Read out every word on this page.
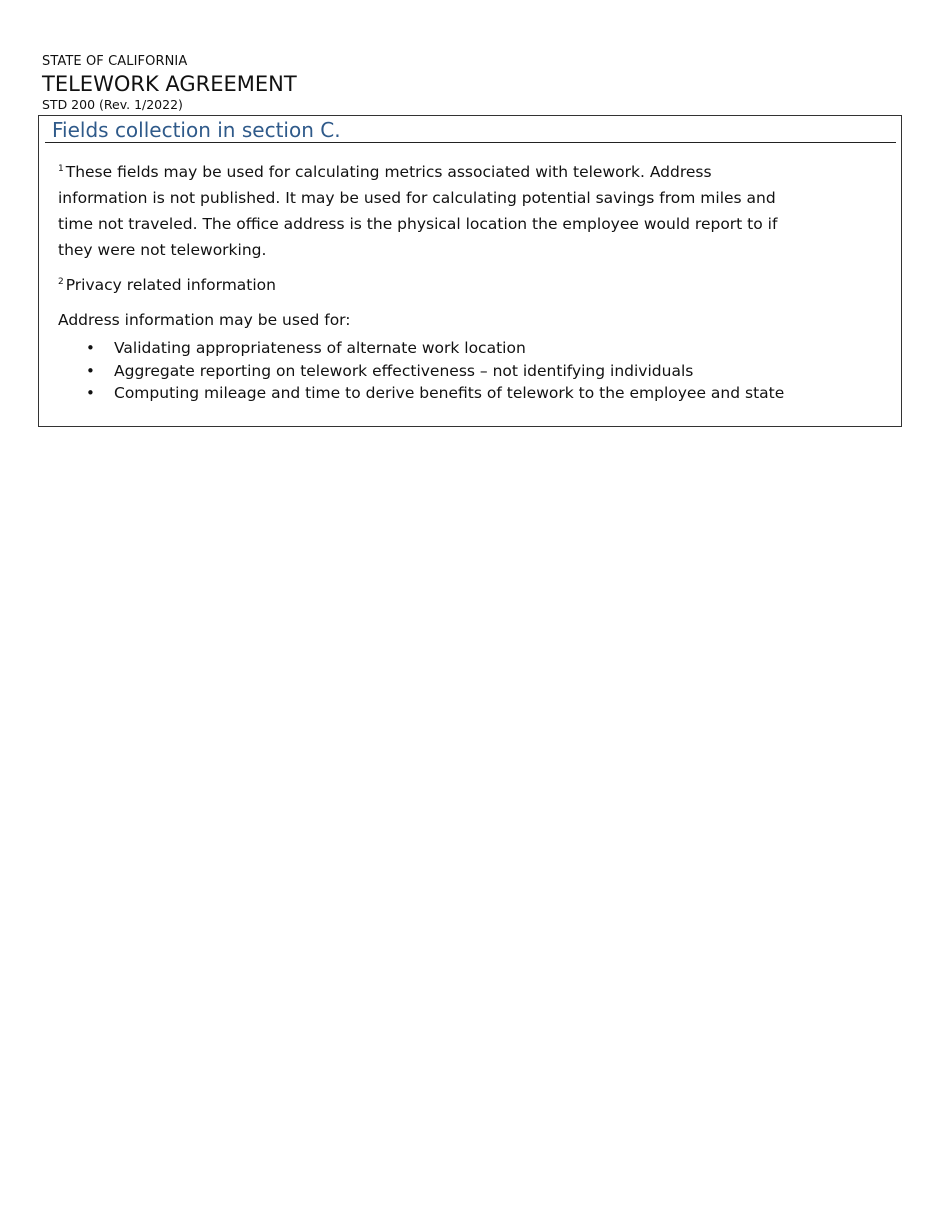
STATE OF CALIFORNIA
TELEWORK AGREEMENT
STD 200 (Rev. 1/2022)
Fields collection in section C.

$^1$ These fields may be used for calculating metrics associated with telework. Address information is not published. It may be used for calculating potential savings from miles and time not traveled. The office address is the physical location the employee would report to if they were not teleworking.

$^2$ Privacy related information

Address information may be used for:

• Validating appropriateness of alternate work location
• Aggregate reporting on telework effectiveness – not identifying individuals
• Computing mileage and time to derive benefits of telework to the employee and state
